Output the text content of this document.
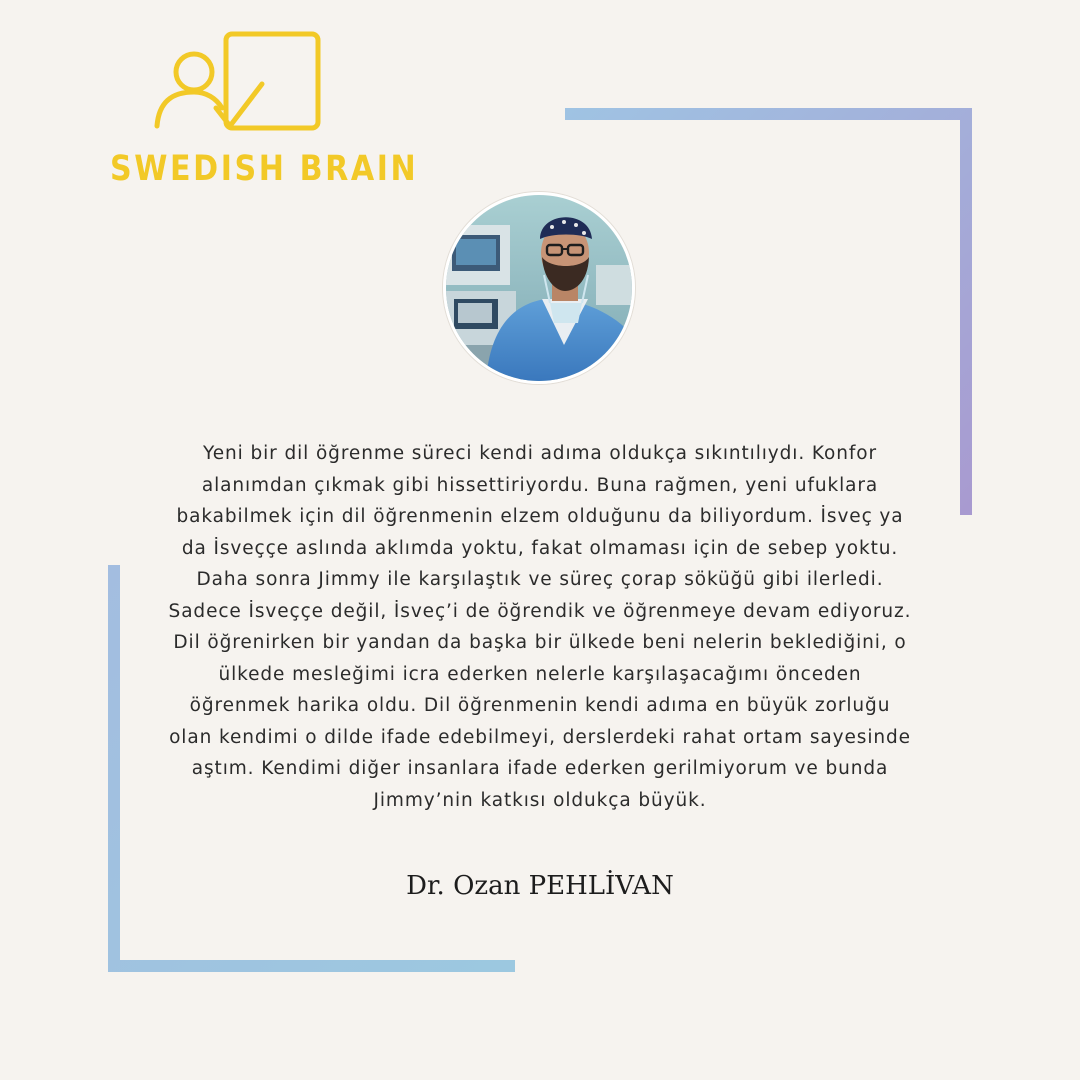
SWEDISH BRAIN

Yeni bir dil öğrenme süreci kendi adıma oldukça sıkıntılıydı. Konfor
alanımdan çıkmak gibi hissettiriyordu. Buna rağmen, yeni ufuklara
bakabilmek için dil öğrenmenin elzem olduğunu da biliyordum. İsveç ya
da İsveççe aslında aklımda yoktu, fakat olmaması için de sebep yoktu.
Daha sonra Jimmy ile karşılaştık ve süreç çorap söküğü gibi ilerledi.
Sadece İsveççe değil, İsveç’i de öğrendik ve öğrenmeye devam ediyoruz.
Dil öğrenirken bir yandan da başka bir ülkede beni nelerin beklediğini, o
ülkede mesleğimi icra ederken nelerle karşılaşacağımı önceden
öğrenmek harika oldu. Dil öğrenmenin kendi adıma en büyük zorluğu
olan kendimi o dilde ifade edebilmeyi, derslerdeki rahat ortam sayesinde
aştım. Kendimi diğer insanlara ifade ederken gerilmiyorum ve bunda
Jimmy’nin katkısı oldukça büyük.

Dr. Ozan PEHLİVAN
